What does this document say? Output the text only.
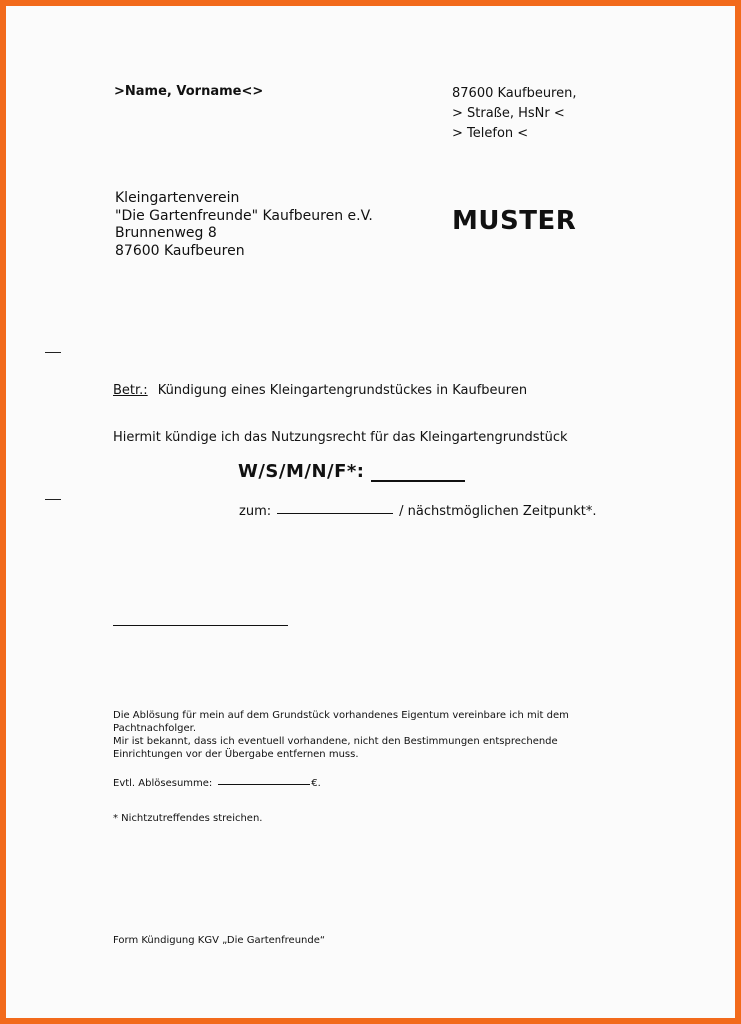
>Name, Vorname<>	87600 Kaufbeuren,
> Straße, HsNr <
> Telefon <
Kleingartenverein
"Die Gartenfreunde" Kaufbeuren e.V.
Brunnenweg 8
87600 Kaufbeuren
MUSTER
Betr.: Kündigung eines Kleingartengrundstückes in Kaufbeuren
Hiermit kündige ich das Nutzungsrecht für das Kleingartengrundstück
W/S/M/N/F*:
zum:	/ nächstmöglichen Zeitpunkt*.
Die Ablösung für mein auf dem Grundstück vorhandenes Eigentum vereinbare ich mit dem
Pachtnachfolger.
Mir ist bekannt, dass ich eventuell vorhandene, nicht den Bestimmungen entsprechende
Einrichtungen vor der Übergabe entfernen muss.
Evtl. Ablösesumme:	€.
* Nichtzutreffendes streichen.
Form Kündigung KGV „Die Gartenfreunde“
